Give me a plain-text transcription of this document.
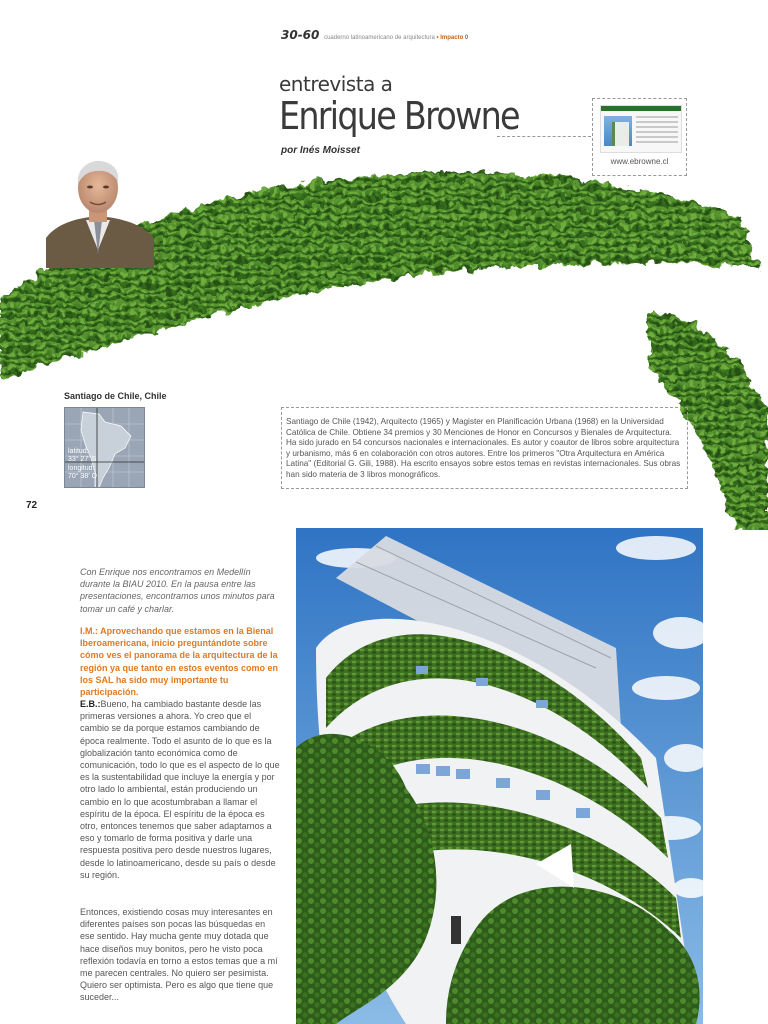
30-60 cuaderno latinoamericano de arquitectura • Impacto 0
entrevista a
Enrique Browne
por Inés Moisset
www.ebrowne.cl
Santiago de Chile, Chile
latitud:
33° 27' S
longitud:
70° 38' O
Santiago de Chile (1942), Arquitecto (1965) y Magister en Planificación Urbana (1968) en la Universidad Católica de Chile. Obtiene 34 premios y 30 Menciones de Honor en Concursos y Bienales de Arquitectura. Ha sido jurado en 54 concursos nacionales e internacionales. Es autor y coautor de libros sobre arquitectura y urbanismo, más 6 en colaboración con otros autores. Entre los primeros "Otra Arquitectura en América Latina" (Editorial G. Gili, 1988). Ha escrito ensayos sobre estos temas en revistas internacionales. Sus obras han sido materia de 3 libros monográficos.
72
Con Enrique nos encontramos en Medellín durante la BIAU 2010. En la pausa entre las presentaciones, encontramos unos minutos para tomar un café y charlar.
I.M.: Aprovechando que estamos en la Bienal Iberoamericana, inicio preguntándote sobre cómo ves el panorama de la arquitectura de la región ya que tanto en estos eventos como en los SAL ha sido muy importante tu participación.
E.B.:Bueno, ha cambiado bastante desde las primeras versiones a ahora. Yo creo que el cambio se da porque estamos cambiando de época realmente. Todo el asunto de lo que es la globalización tanto económica como de comunicación, todo lo que es el aspecto de lo que es la sustentabilidad que incluye la energía y por otro lado lo ambiental, están produciendo un cambio en lo que acostumbraban a llamar el espíritu de la época. El espíritu de la época es otro, entonces tenemos que saber adaptarnos a eso y tomarlo de forma positiva y darle una respuesta positiva pero desde nuestros lugares, desde lo latinoamericano, desde su país o desde su región.
Entonces, existiendo cosas muy interesantes en diferentes países son pocas las búsquedas en ese sentido. Hay mucha gente muy dotada que hace diseños muy bonitos, pero he visto poca reflexión todavía en torno a estos temas que a mí me parecen centrales. No quiero ser pesimista. Quiero ser optimista. Pero es algo que tiene que suceder...
